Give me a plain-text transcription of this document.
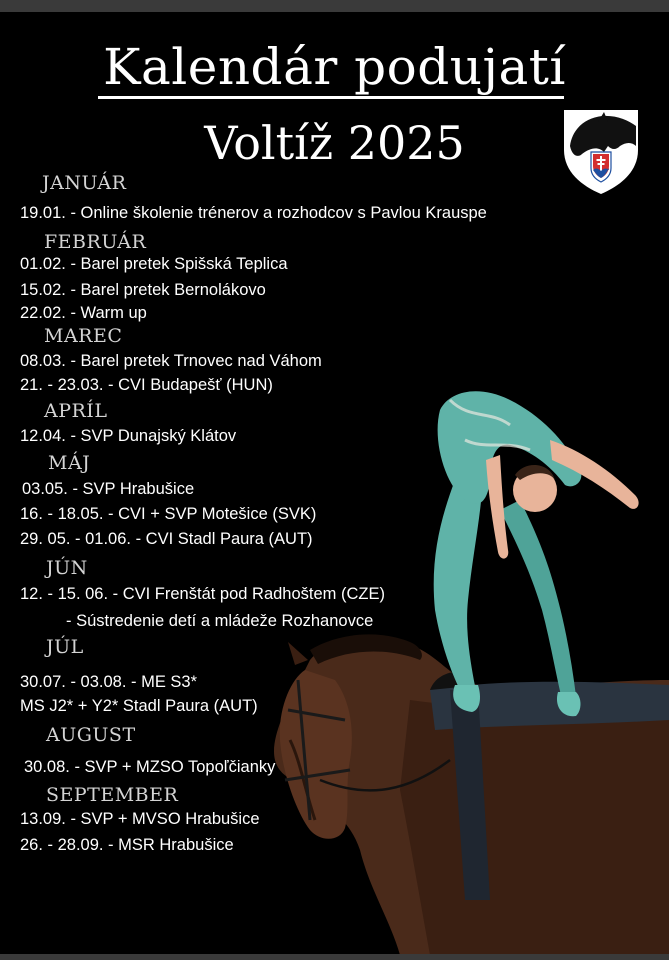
Kalendár podujatí
Voltíž 2025
JANUÁR
19.01. - Online školenie trénerov a rozhodcov s Pavlou Krauspe
FEBRUÁR
01.02. - Barel pretek Spišská Teplica
15.02. - Barel pretek Bernolákovo
22.02. - Warm up
MAREC
08.03. - Barel pretek Trnovec nad Váhom
21. - 23.03. - CVI Budapešť (HUN)
APRÍL
12.04. - SVP Dunajský Klátov
MÁJ
03.05. - SVP Hrabušice
16. - 18.05. - CVI + SVP Motešice (SVK)
29. 05. - 01.06. - CVI Stadl Paura (AUT)
JÚN
12. - 15. 06. - CVI Frenštát pod Radhoštem (CZE)
- Sústredenie detí a mládeže Rozhanovce
JÚL
30.07. - 03.08. - ME S3*
MS J2* + Y2* Stadl Paura (AUT)
AUGUST
30.08. - SVP + MZSO Topoľčianky
SEPTEMBER
13.09. - SVP + MVSO Hrabušice
26. - 28.09. - MSR Hrabušice
